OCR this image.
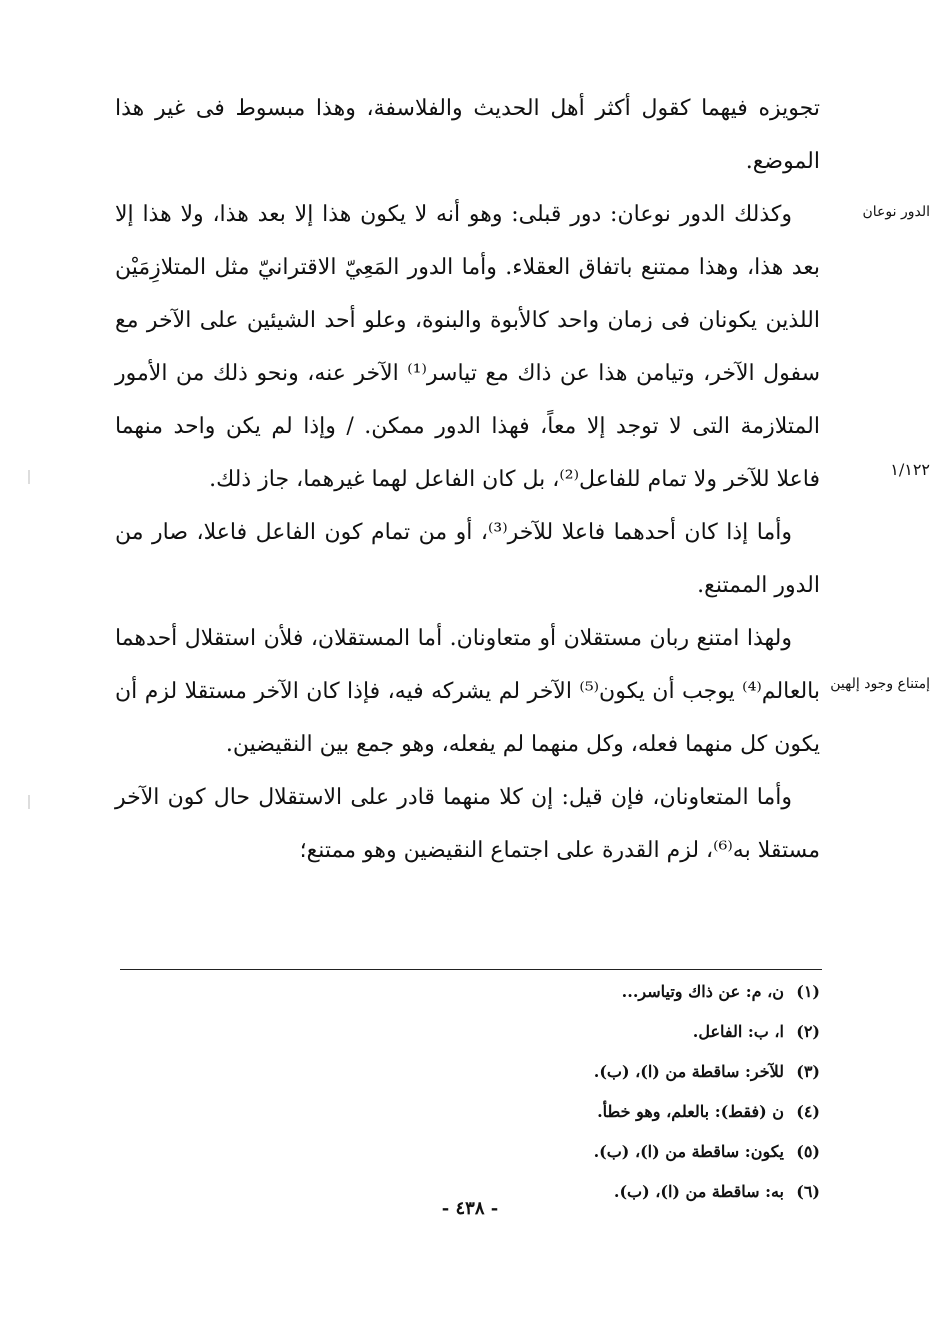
تجويزه فيهما كقول أكثر أهل الحديث والفلاسفة، وهذا مبسوط فى غير هذا الموضع.

وكذلك الدور نوعان: دور قبلى: وهو أنه لا يكون هذا إلا بعد هذا، ولا هذا إلا بعد هذا، وهذا ممتنع باتفاق العقلاء. وأما الدور المَعِيّ الاقترانيّ مثل المتلازِمَيْن اللذين يكونان فى زمان واحد كالأبوة والبنوة، وعلو أحد الشيئين على الآخر مع سفول الآخر، وتيامن هذا عن ذاك مع تياسر⁽¹⁾ الآخر عنه، ونحو ذلك من الأمور المتلازمة التى لا توجد إلا معاً، فهذا الدور ممكن. / وإذا لم يكن واحد منهما فاعلا للآخر ولا تمام للفاعل⁽²⁾، بل كان الفاعل لهما غيرهما، جاز ذلك.

وأما إذا كان أحدهما فاعلا للآخر⁽³⁾، أو من تمام كون الفاعل فاعلا، صار من الدور الممتنع.

ولهذا امتنع ربان مستقلان أو متعاونان. أما المستقلان، فلأن استقلال أحدهما بالعالم⁽⁴⁾ يوجب أن يكون⁽⁵⁾ الآخر لم يشركه فيه، فإذا كان الآخر مستقلا لزم أن يكون كل منهما فعله، وكل منهما لم يفعله، وهو جمع بين النقيضين.

وأما المتعاونان، فإن قيل: إن كلا منهما قادر على الاستقلال حال كون الآخر مستقلا به⁽⁶⁾، لزم القدرة على اجتماع النقيضين وهو ممتنع؛

الدور نوعان
١/١٢٢
إمتناع وجود إلهين
(١)ن، م: عن ذاك وتياسر...
(٢)ا، ب: الفاعل.
(٣)للآخر: ساقطة من (ا)، (ب).
(٤)ن (فقط): بالعلم، وهو خطأ.
(٥)يكون: ساقطة من (ا)، (ب).
(٦)به: ساقطة من (ا)، (ب).
- ٤٣٨ -
